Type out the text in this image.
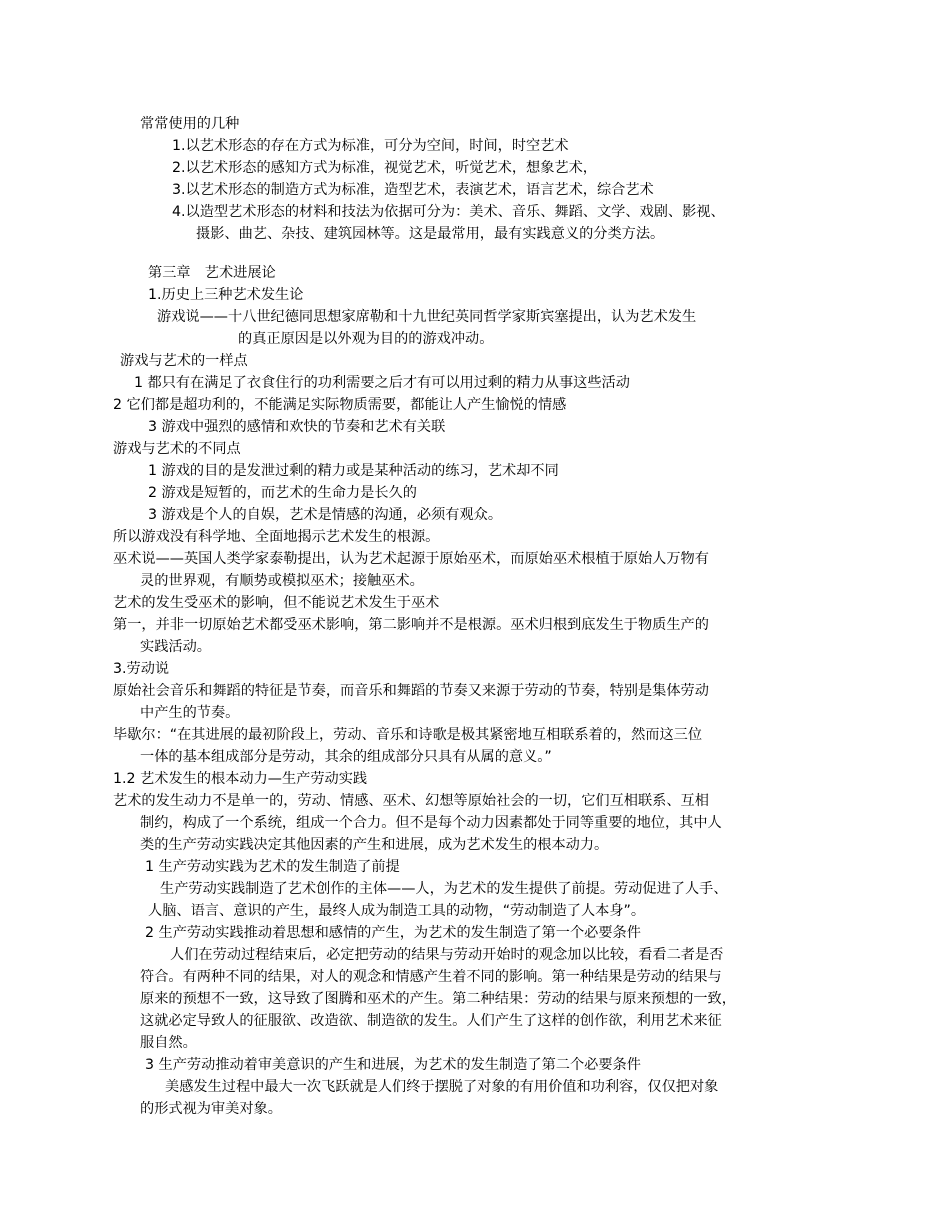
常常使用的几种
1.以艺术形态的存在方式为标准，可分为空间，时间，时空艺术
2.以艺术形态的感知方式为标准，视觉艺术，听觉艺术，想象艺术，
3.以艺术形态的制造方式为标准，造型艺术，表演艺术，语言艺术，综合艺术
4.以造型艺术形态的材料和技法为依据可分为：美术、音乐、舞蹈、文学、戏剧、影视、
摄影、曲艺、杂技、建筑园林等。这是最常用，最有实践意义的分类方法。
第三章　艺术进展论
1.历史上三种艺术发生论
游戏说——十八世纪德同思想家席勒和十九世纪英同哲学家斯宾塞提出，认为艺术发生
的真正原因是以外观为目的的游戏冲动。
游戏与艺术的一样点
1 都只有在满足了衣食住行的功利需要之后才有可以用过剩的精力从事这些活动
2 它们都是超功利的，不能满足实际物质需要，都能让人产生愉悦的情感
3 游戏中强烈的感情和欢快的节奏和艺术有关联
游戏与艺术的不同点
1 游戏的目的是发泄过剩的精力或是某种活动的练习，艺术却不同
2 游戏是短暂的，而艺术的生命力是长久的
3 游戏是个人的自娱，艺术是情感的沟通，必须有观众。
所以游戏没有科学地、全面地揭示艺术发生的根源。
巫术说——英国人类学家泰勒提出，认为艺术起源于原始巫术，而原始巫术根植于原始人万物有
灵的世界观，有顺势或模拟巫术；接触巫术。
艺术的发生受巫术的影响，但不能说艺术发生于巫术
第一，并非一切原始艺术都受巫术影响，第二影响并不是根源。巫术归根到底发生于物质生产的
实践活动。
3.劳动说
原始社会音乐和舞蹈的特征是节奏，而音乐和舞蹈的节奏又来源于劳动的节奏，特别是集体劳动
中产生的节奏。
毕歇尔：“在其进展的最初阶段上，劳动、音乐和诗歌是极其紧密地互相联系着的，然而这三位
一体的基本组成部分是劳动，其余的组成部分只具有从属的意义。”
1.2 艺术发生的根本动力—生产劳动实践
艺术的发生动力不是单一的，劳动、情感、巫术、幻想等原始社会的一切，它们互相联系、互相
制约，构成了一个系统，组成一个合力。但不是每个动力因素都处于同等重要的地位，其中人
类的生产劳动实践决定其他因素的产生和进展，成为艺术发生的根本动力。
1 生产劳动实践为艺术的发生制造了前提
生产劳动实践制造了艺术创作的主体——人，为艺术的发生提供了前提。劳动促进了人手、
人脑、语言、意识的产生，最终人成为制造工具的动物，“劳动制造了人本身”。
2 生产劳动实践推动着思想和感情的产生，为艺术的发生制造了第一个必要条件
人们在劳动过程结束后，必定把劳动的结果与劳动开始时的观念加以比较，看看二者是否
符合。有两种不同的结果，对人的观念和情感产生着不同的影响。第一种结果是劳动的结果与
原来的预想不一致，这导致了图腾和巫术的产生。第二种结果：劳动的结果与原来预想的一致，
这就必定导致人的征服欲、改造欲、制造欲的发生。人们产生了这样的创作欲，利用艺术来征
服自然。
3 生产劳动推动着审美意识的产生和进展，为艺术的发生制造了第二个必要条件
美感发生过程中最大一次飞跃就是人们终于摆脱了对象的有用价值和功利容，仅仅把对象
的形式视为审美对象。
